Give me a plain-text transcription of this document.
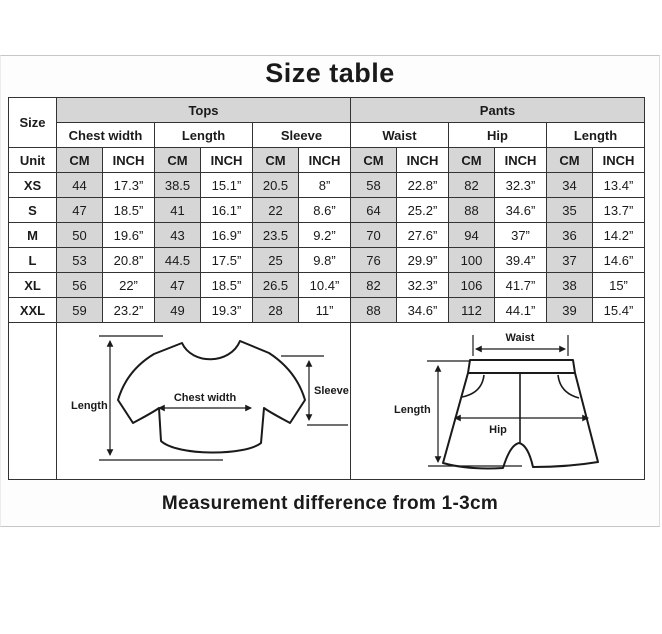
Size table
Size	Tops						Pants					
	Chest width		Length		Sleeve		Waist		Hip		Length	
Unit	CM	INCH	CM	INCH	CM	INCH	CM	INCH	CM	INCH	CM	INCH
XS	44	17.3”	38.5	15.1”	20.5	8”	58	22.8”	82	32.3”	34	13.4”
S	47	18.5”	41	16.1”	22	8.6”	64	25.2”	88	34.6”	35	13.7”
M	50	19.6”	43	16.9”	23.5	9.2”	70	27.6”	94	37”	36	14.2”
L	53	20.8”	44.5	17.5”	25	9.8”	76	29.9”	100	39.4”	37	14.6”
XL	56	22”	47	18.5”	26.5	10.4”	82	32.3”	106	41.7”	38	15”
XXL	59	23.2”	49	19.3”	28	11”	88	34.6”	112	44.1”	39	15.4”

Length
Chest width
Sleeve						Waist
Length
Hip					
Measurement difference from 1-3cm
